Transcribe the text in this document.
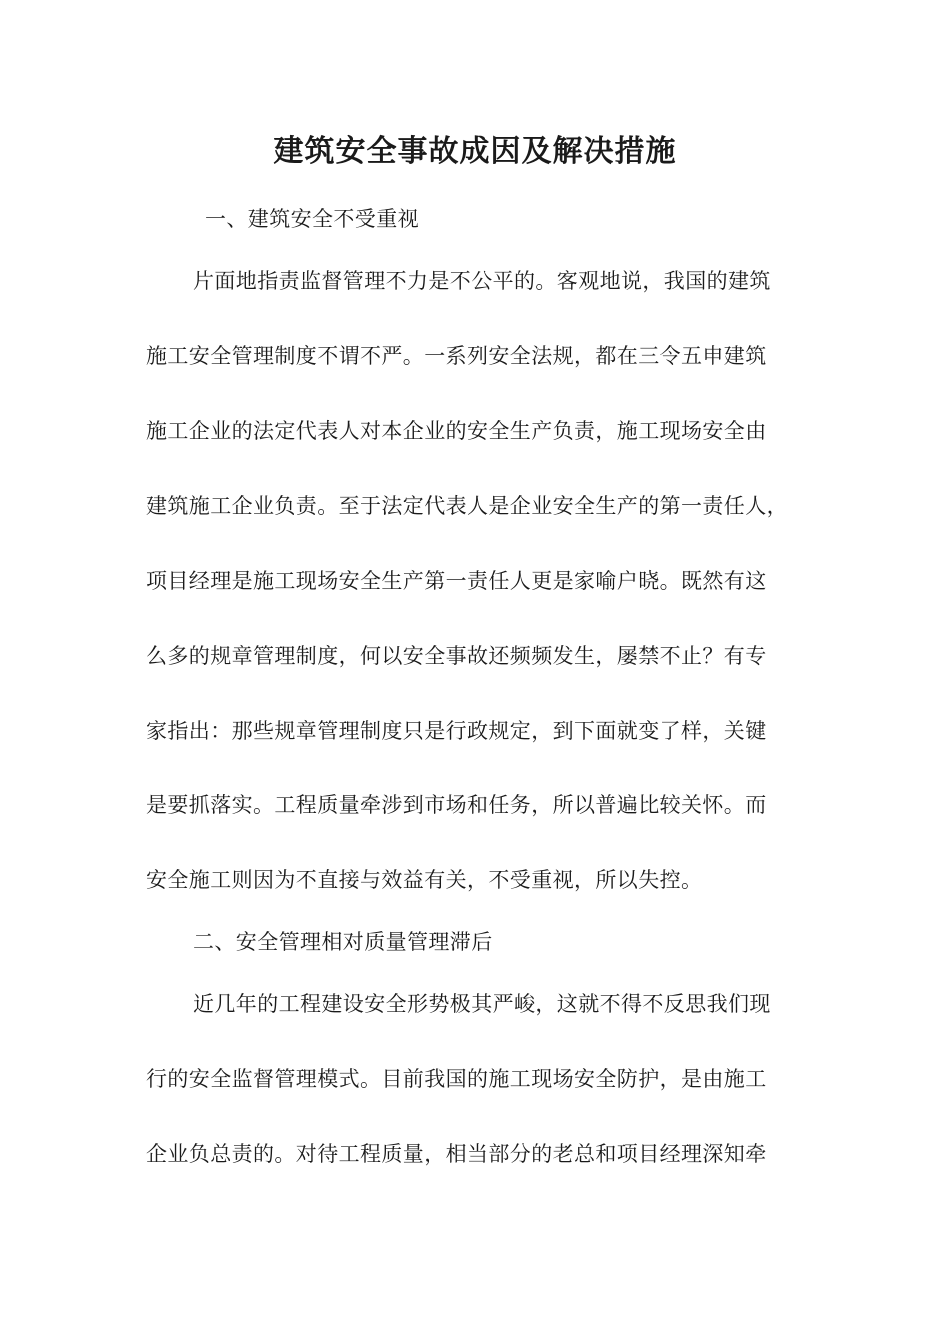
建筑安全事故成因及解决措施
一、建筑安全不受重视
片面地指责监督管理不力是不公平的。客观地说，我国的建筑
施工安全管理制度不谓不严。一系列安全法规，都在三令五申建筑
施工企业的法定代表人对本企业的安全生产负责，施工现场安全由
建筑施工企业负责。至于法定代表人是企业安全生产的第一责任人，
项目经理是施工现场安全生产第一责任人更是家喻户晓。既然有这
么多的规章管理制度，何以安全事故还频频发生，屡禁不止？有专
家指出：那些规章管理制度只是行政规定，到下面就变了样，关键
是要抓落实。工程质量牵涉到市场和任务，所以普遍比较关怀。而
安全施工则因为不直接与效益有关，不受重视，所以失控。
二、安全管理相对质量管理滞后
近几年的工程建设安全形势极其严峻，这就不得不反思我们现
行的安全监督管理模式。目前我国的施工现场安全防护，是由施工
企业负总责的。对待工程质量，相当部分的老总和项目经理深知牵
